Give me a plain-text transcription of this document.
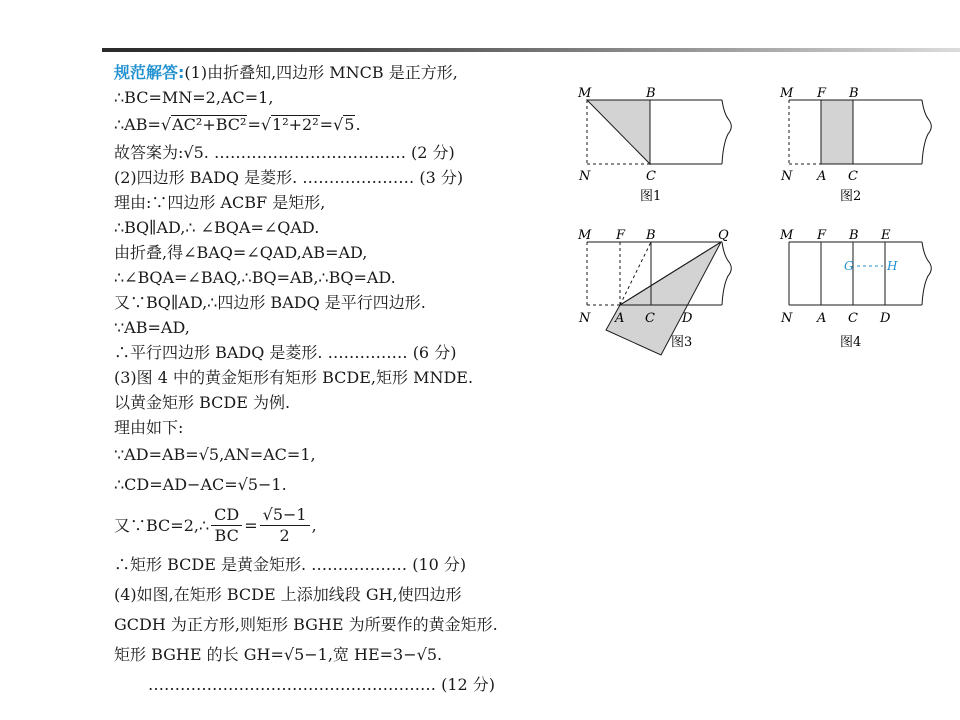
规范解答:(1)由折叠知,四边形 MNCB 是正方形,
∴BC=MN=2,AC=1,
∴AB=√AC²+BC²=√1²+2²=√5.
故答案为:√5. ……………………………… (2 分)
(2)四边形 BADQ 是菱形. ………………… (3 分)
理由:∵四边形 ACBF 是矩形,
∴BQ∥AD,∴ ∠BQA=∠QAD.
由折叠,得∠BAQ=∠QAD,AB=AD,
∴∠BQA=∠BAQ,∴BQ=AB,∴BQ=AD.
又∵BQ∥AD,∴四边形 BADQ 是平行四边形.
∵AB=AD,
∴平行四边形 BADQ 是菱形. …………… (6 分)
(3)图 4 中的黄金矩形有矩形 BCDE,矩形 MNDE.
以黄金矩形 BCDE 为例.
理由如下:
∵AD=AB=√5,AN=AC=1,
∴CD=AD−AC=√5−1.
又∵BC=2,∴ $\frac{CD}{BC} = \frac{√5-1}{2}$ ,
∴矩形 BCDE 是黄金矩形. ……………… (10 分)
(4)如图,在矩形 BCDE 上添加线段 GH,使四边形
GCDH 为正方形,则矩形 BGHE 为所要作的黄金矩形.
矩形 BGHE 的长 GH=√5−1,宽 HE=3−√5.
……………………………………………… (12 分)
M	B
N	C
图1
M F B
N A C
图2
M F B	Q
N A C D
图3
M F B E
G	H
N A C D
图4
